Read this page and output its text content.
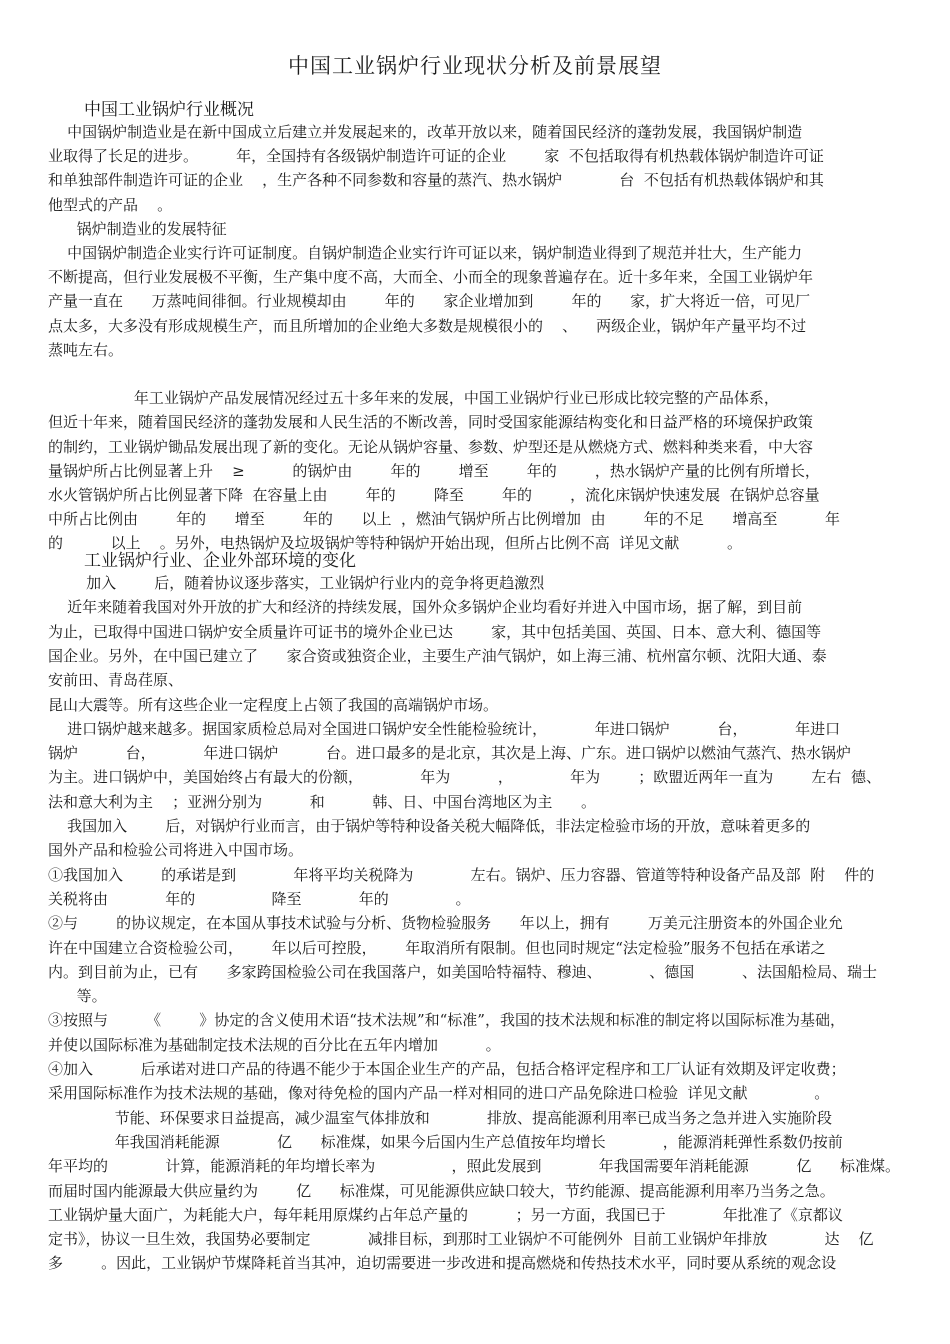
中国工业锅炉行业现状分析及前景展望
中国工业锅炉行业概况
工业锅炉行业、企业外部环境的变化
中国锅炉制造业是在新中国成立后建立并发展起来的，改革开放以来，随着国民经济的蓬勃发展，我国锅炉制造
业取得了长足的进步。        年，全国持有各级锅炉制造许可证的企业        家  不包括取得有机热载体锅炉制造许可证
和单独部件制造许可证的企业    ，生产各种不同参数和容量的蒸汽、热水锅炉            台  不包括有机热载体锅炉和其
他型式的产品    。
锅炉制造业的发展特征
中国锅炉制造企业实行许可证制度。自锅炉制造企业实行许可证以来，锅炉制造业得到了规范并壮大，生产能力
不断提高，但行业发展极不平衡，生产集中度不高，大而全、小而全的现象普遍存在。近十多年来，全国工业锅炉年
产量一直在      万蒸吨间徘徊。行业规模却由        年的      家企业增加到        年的      家，扩大将近一倍，可见厂
点太多，大多没有形成规模生产，而且所增加的企业绝大多数是规模很小的    、    两级企业，锅炉年产量平均不过
蒸吨左右。
年工业锅炉产品发展情况经过五十多年来的发展，中国工业锅炉行业已形成比较完整的产品体系，
但近十年来，随着国民经济的蓬勃发展和人民生活的不断改善，同时受国家能源结构变化和日益严格的环境保护政策
的制约，工业锅炉锄品发展出现了新的变化。无论从锅炉容量、参数、炉型还是从燃烧方式、燃料种类来看，中大容
量锅炉所占比例显著上升    ≥          的锅炉由        年的        增至        年的        ，热水锅炉产量的比例有所增长，
水火管锅炉所占比例显著下降  在容量上由        年的        降至        年的        ，流化床锅炉快速发展  在锅炉总容量
中所占比例由        年的      增至        年的      以上  ，燃油气锅炉所占比例增加  由        年的不足      增高至          年
的          以上    。另外，电热锅炉及垃圾锅炉等特种锅炉开始出现，但所占比例不高  详见文献          。
加入        后，随着协议逐步落实，工业锅炉行业内的竞争将更趋激烈
近年来随着我国对外开放的扩大和经济的持续发展，国外众多锅炉企业均看好并进入中国市场，据了解，到目前
为止，已取得中国进口锅炉安全质量许可证书的境外企业已达        家，其中包括美国、英国、日本、意大利、德国等
国企业。另外，在中国已建立了      家合资或独资企业，主要生产油气锅炉，如上海三浦、杭州富尔顿、沈阳大通、泰
安前田、青岛荏原、
昆山大震等。所有这些企业一定程度上占领了我国的高端锅炉市场。
进口锅炉越来越多。据国家质检总局对全国进口锅炉安全性能检验统计，          年进口锅炉          台，          年进口
锅炉          台，          年进口锅炉          台。进口最多的是北京，其次是上海、广东。进口锅炉以燃油气蒸汽、热水锅炉
为主。进口锅炉中，美国始终占有最大的份额，            年为          ，            年为        ；欧盟近两年一直为        左右  德、
法和意大利为主    ；亚洲分别为          和          韩、日、中国台湾地区为主      。
我国加入        后，对锅炉行业而言，由于锅炉等特种设备关税大幅降低，非法定检验市场的开放，意味着更多的
国外产品和检验公司将进入中国市场。
①我国加入        的承诺是到            年将平均关税降为            左右。锅炉、压力容器、管道等特种设备产品及部  附    件的
关税将由            年的                降至            年的              。
②与        的协议规定，在本国从事技术试验与分析、货物检验服务      年以上，拥有        万美元注册资本的外国企业允
许在中国建立合资检验公司，      年以后可控股，      年取消所有限制。但也同时规定“法定检验”服务不包括在承诺之
内。到目前为止，已有      多家跨国检验公司在我国落户，如美国哈特福特、穆迪、          、德国          、法国船检局、瑞士
等。
③按照与        《        》协定的含义使用术语“技术法规”和“标准”，我国的技术法规和标准的制定将以国际标准为基础，
并使以国际标准为基础制定技术法规的百分比在五年内增加          。
④加入          后承诺对进口产品的待遇不能少于本国企业生产的产品，包括合格评定程序和工厂认证有效期及评定收费；
采用国际标准作为技术法规的基础，像对待免检的国内产品一样对相同的进口产品免除进口检验  详见文献              。
节能、环保要求日益提高，减少温室气体排放和            排放、提高能源利用率已成当务之急并进入实施阶段
年我国消耗能源            亿      标准煤，如果今后国内生产总值按年均增长            ，能源消耗弹性系数仍按前
年平均的            计算，能源消耗的年均增长率为                ，照此发展到            年我国需要年消耗能源          亿      标准煤。
而届时国内能源最大供应量约为        亿      标准煤，可见能源供应缺口较大，节约能源、提高能源利用率乃当务之急。
工业锅炉量大面广，为耗能大户，每年耗用原煤约占年总产量的          ；另一方面，我国已于            年批准了《京都议
定书》，协议一旦生效，我国势必要制定            减排目标，到那时工业锅炉不可能例外  目前工业锅炉年排放            达    亿
多        。因此，工业锅炉节煤降耗首当其冲，迫切需要进一步改进和提高燃烧和传热技术水平，同时要从系统的观念设
